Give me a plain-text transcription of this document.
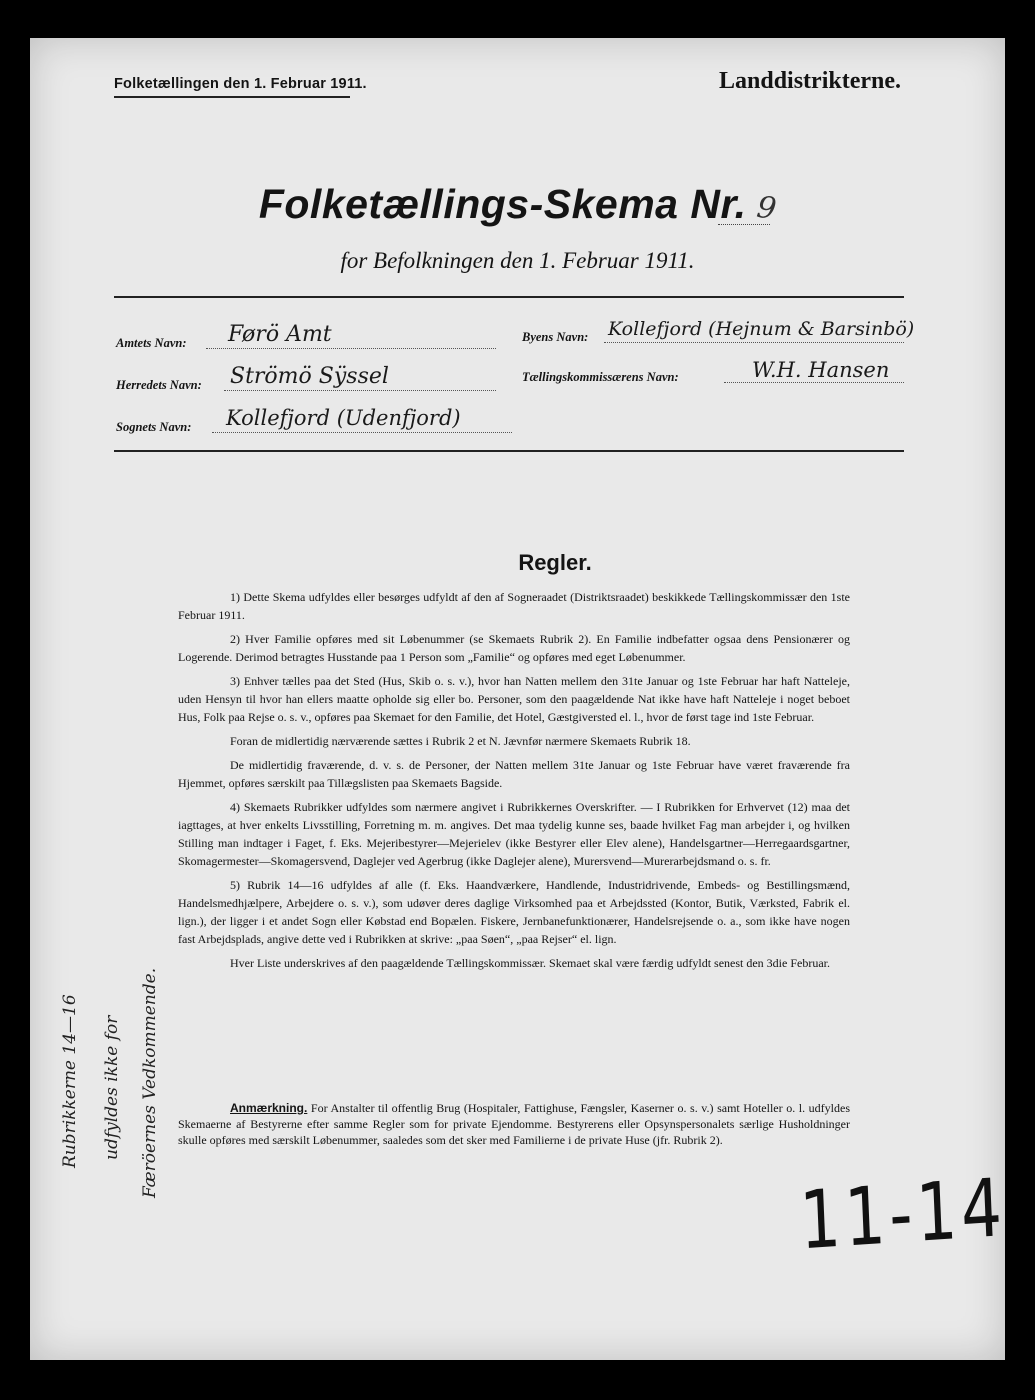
Folketællingen den 1. Februar 1911.	Landdistrikterne.
Folketællings-Skema Nr. 9
for Befolkningen den 1. Februar 1911.
Amtets Navn: Førö Amt
Herredets Navn: Strömö Sÿssel
Sognets Navn: Kollefjord (Udenfjord)
Byens Navn: Kollefjord (Hejnum & Barsinbö)
Tællingskommissærens Navn:	W.H. Hansen
Regler.

1) Dette Skema udfyldes eller besørges udfyldt af den af Sogneraadet (Distriktsraadet) beskikkede Tællingskommissær den 1ste Februar 1911.

2) Hver Familie opføres med sit Løbenummer (se Skemaets Rubrik 2). En Familie indbefatter ogsaa dens Pensionærer og Logerende. Derimod betragtes Husstande paa 1 Person som „Familie“ og opføres med eget Løbenummer.

3) Enhver tælles paa det Sted (Hus, Skib o. s. v.), hvor han Natten mellem den 31te Januar og 1ste Februar har haft Natteleje, uden Hensyn til hvor han ellers maatte opholde sig eller bo. Personer, som den paagældende Nat ikke have haft Natteleje i noget beboet Hus, Folk paa Rejse o. s. v., opføres paa Skemaet for den Familie, det Hotel, Gæstgiversted el. l., hvor de først tage ind 1ste Februar.

Foran de midlertidig nærværende sættes i Rubrik 2 et N. Jævnfør nærmere Skemaets Rubrik 18.

De midlertidig fraværende, d. v. s. de Personer, der Natten mellem 31te Januar og 1ste Februar have været fraværende fra Hjemmet, opføres særskilt paa Tillægslisten paa Skemaets Bagside.

4) Skemaets Rubrikker udfyldes som nærmere angivet i Rubrikkernes Overskrifter. — I Rubrikken for Erhvervet (12) maa det iagttages, at hver enkelts Livsstilling, Forretning m. m. angives. Det maa tydelig kunne ses, baade hvilket Fag man arbejder i, og hvilken Stilling man indtager i Faget, f. Eks. Mejeribestyrer—Mejerielev (ikke Bestyrer eller Elev alene), Handelsgartner—Herregaardsgartner, Skomagermester—Skomagersvend, Daglejer ved Agerbrug (ikke Daglejer alene), Murersvend—Murerarbejdsmand o. s. fr.

5) Rubrik 14—16 udfyldes af alle (f. Eks. Haandværkere, Handlende, Industridrivende, Embeds- og Bestillingsmænd, Handelsmedhjælpere, Arbejdere o. s. v.), som udøver deres daglige Virksomhed paa et Arbejdssted (Kontor, Butik, Værksted, Fabrik el. lign.), der ligger i et andet Sogn eller Købstad end Bopælen. Fiskere, Jernbanefunktionærer, Handelsrejsende o. a., som ikke have nogen fast Arbejdsplads, angive dette ved i Rubrikken at skrive: „paa Søen“, „paa Rejser“ el. lign.

Hver Liste underskrives af den paagældende Tællingskommissær. Skemaet skal være færdig udfyldt senest den 3die Februar.

Anmærkning. For Anstalter til offentlig Brug (Hospitaler, Fattighuse, Fængsler, Kaserner o. s. v.) samt Hoteller o. l. udfyldes Skemaerne af Bestyrerne efter samme Regler som for private Ejendomme. Bestyrerens eller Opsynspersonalets særlige Husholdninger skulle opføres med særskilt Løbenummer, saaledes som det sker med Familierne i de private Huse (jfr. Rubrik 2).
Rubrikkerne 14—16 udfyldes ikke for Færöernes Vedkommende.
11-14
